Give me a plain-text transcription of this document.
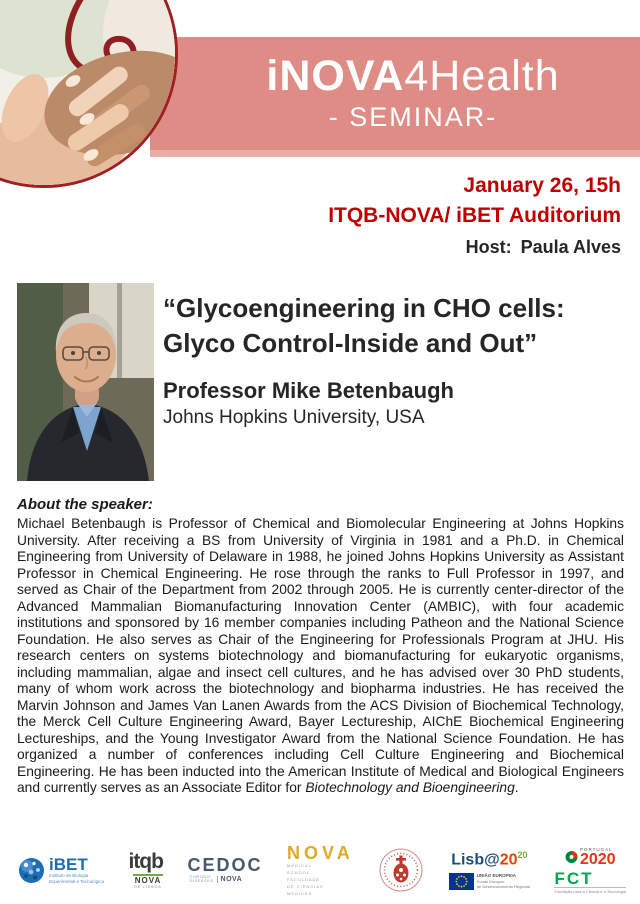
iNOVA4Health
- SEMINAR-
January 26, 15h
ITQB-NOVA/ iBET Auditorium
Host: Paula Alves
“Glycoengineering in CHO cells:
Glyco Control-Inside and Out”
Professor Mike Betenbaugh
Johns Hopkins University, USA
About the speaker:

Michael Betenbaugh is Professor of Chemical and Biomolecular Engineering at Johns Hopkins University. After receiving a BS from University of Virginia in 1981 and a Ph.D. in Chemical Engineering from University of Delaware in 1988, he joined Johns Hopkins University as Assistant Professor in Chemical Engineering. He rose through the ranks to Full Professor in 1997, and served as Chair of the Department from 2002 through 2005. He is currently center-director of the Advanced Mammalian Biomanufacturing Innovation Center (AMBIC), with four academic institutions and sponsored by 16 member companies including Patheon and the National Science Foundation. He also serves as Chair of the Engineering for Professionals Program at JHU. His research centers on systems biotechnology and biomanufacturing for eukaryotic organisms, including mammalian, algae and insect cell cultures, and he has advised over 30 PhD students, many of whom work across the biotechnology and biopharma industries. He has received the Marvin Johnson and James Van Lanen Awards from the ACS Division of Biochemical Technology, the Merck Cell Culture Engineering Award, Bayer Lectureship, AIChE Biochemical Engineering Lectureships, and the Young Investigator Award from the National Science Foundation. He has organized a number of conferences including Cell Culture Engineering and Biochemical Engineering. He has been inducted into the American Institute of Medical and Biological Engineers and currently serves as an Associate Editor for Biotechnology and Bioengineering.

iBET
Instituto de Biologia
Experimental e Tecnológica
itqb
NOVA
DE LISBOA
CEDOC
CHRONIC
DISEASES	NOVA
NOVA
MEDICAL
SCHOOL
FACULDADE
DE CIÊNCIAS
MÉDICAS
$Lisb@20^{20}$
UNIÃO EUROPEIA
Fundo Europeu
de Desenvolvimento Regional
PORTUGAL
2020
FCT
Fundação para a Ciência e a Tecnologia
